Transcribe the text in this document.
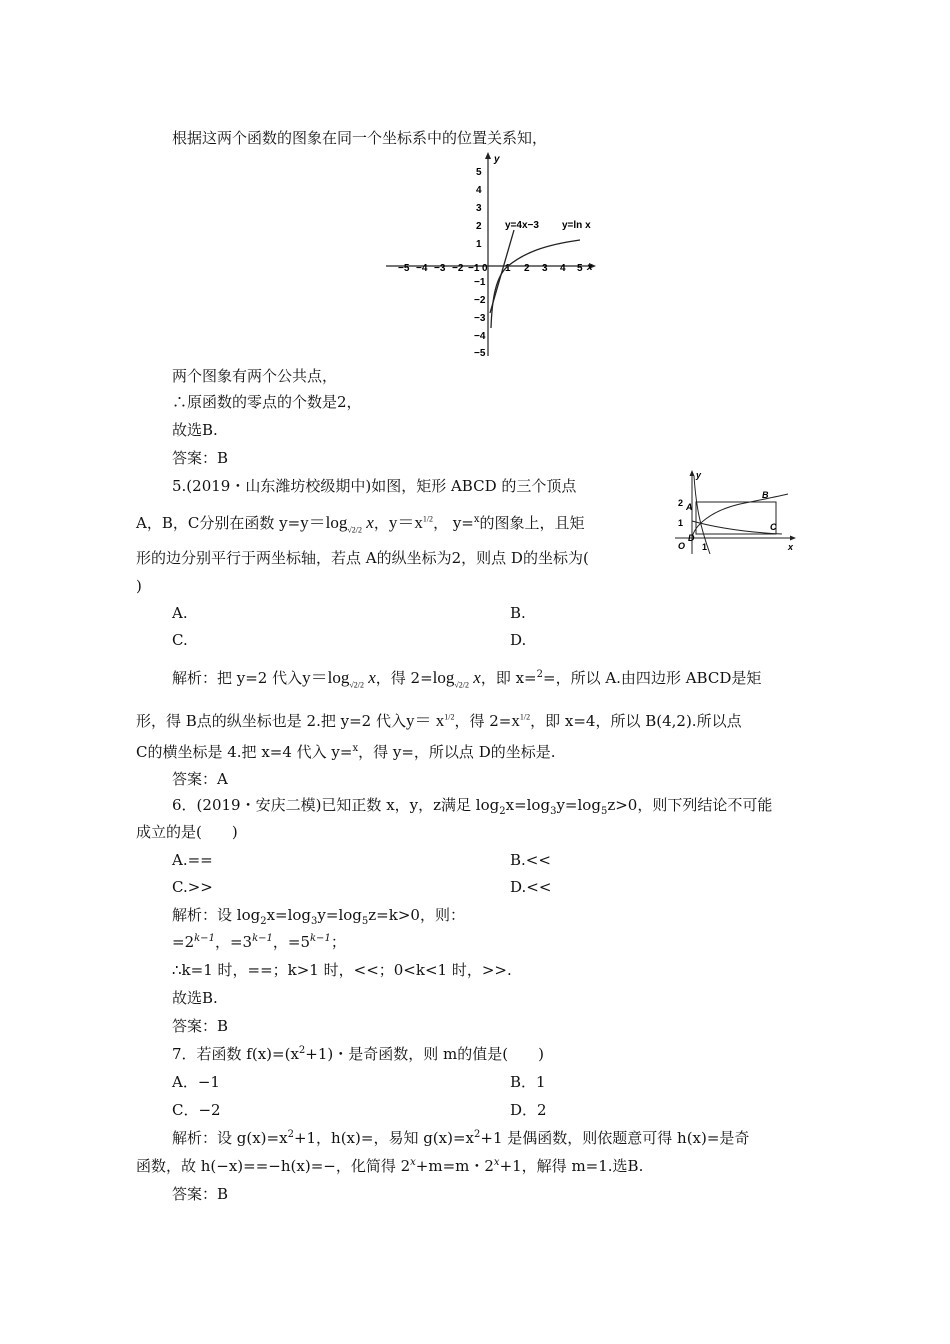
根据这两个函数的图象在同一个坐标系中的位置关系知，
y
x
−5 −4 −3 −2 −1 0 1 2 3 4 5
5
4
3
2
1
−1
−2
−3
−4
−5
y=4x−3 y=ln x
两个图象有两个公共点，
∴原函数的零点的个数是2，
故选B.
答案：B
5.(2019・山东潍坊校级期中)如图，矩形 ABCD 的三个顶点
A，B，C分别在函数 $y=y=\log_{√2/2}$ x，$y=x^{1/2}$， y=$^x$的图象上，且矩
形的边分别平行于两坐标轴，若点 A的纵坐标为2，则点 D的坐标为(
)
y
x
2
1
O 1
A
B
C
D
A.	B.
C.	D.
解析：把 y=2 代入$y=\log_{√2/2}$ x，得 $2=\log_{√2/2}$ x，即 x=$^2$=，所以 A.由四边形 ABCD是矩
形，得 B点的纵坐标也是 2.把 y=2 代入$y= x^{1/2}$，得 $2=x^{1/2}$，即 x=4，所以 B(4,2).所以点
C的横坐标是 4.把 x=4 代入 y=$^x$，得 y=，所以点 D的坐标是.
答案：A
6．(2019・安庆二模)已知正数 x，y，z满足 $\log_2x=\log_3y=\log_5z>0$，则下列结论不可能
成立的是(　　)
A.==	B.<<
C.>>	D.<<
解析：设 $\log_2x=\log_3y=\log_5z=k>0$，则：
$=2^{k-1}$，$=3^{k-1}$，$=5^{k-1}$；
∴k=1 时，==；k>1 时，<<；0<k<1 时，>>.
故选B.
答案：B
7．若函数 $f(x)=(x^2+1)$・是奇函数，则 m的值是(　　)
A．−1	B．1
C．−2	D．2
解析：设 $g(x)=x^2+1$，h(x)=，易知 $g(x)=x^2+1$ 是偶函数，则依题意可得 h(x)=是奇
函数，故 h(−x)==−h(x)=−，化简得 $2^x+m=m$・$2^x+1$，解得 m=1.选B.
答案：B
